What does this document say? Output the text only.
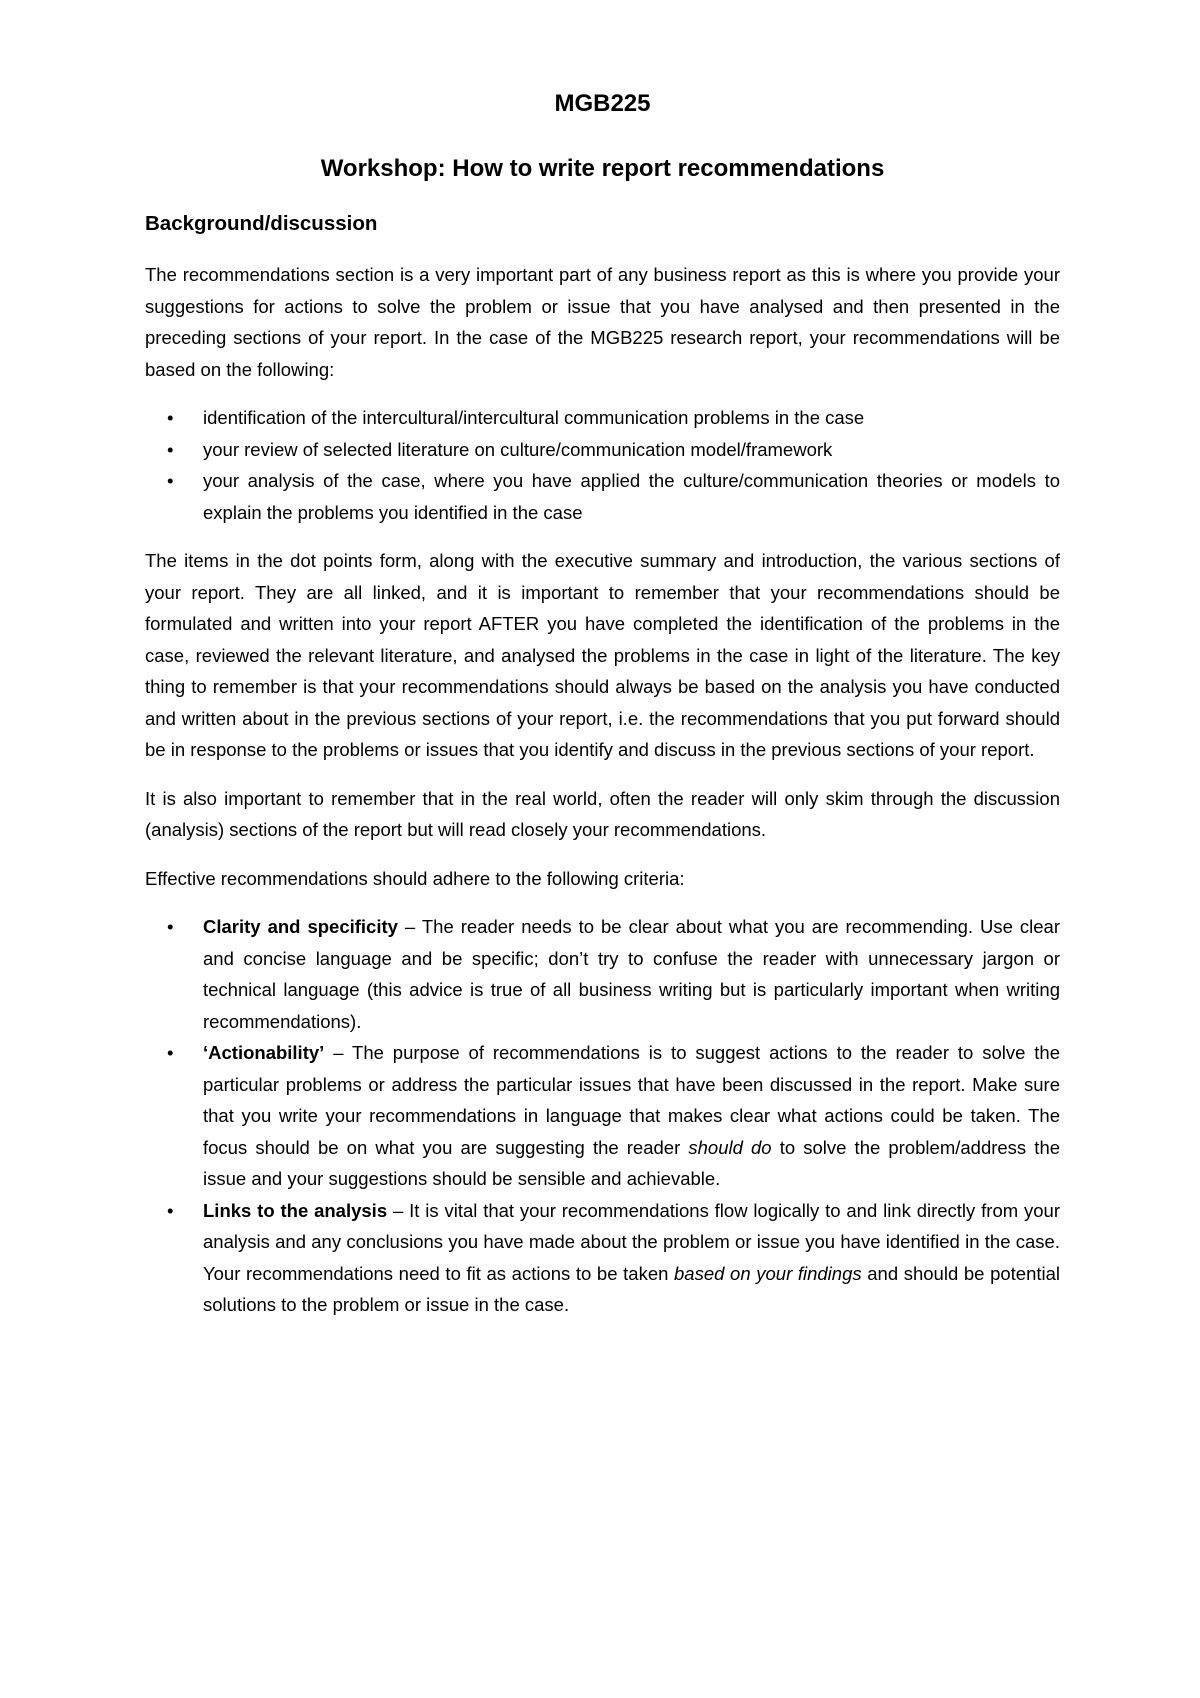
MGB225
Workshop: How to write report recommendations
Background/discussion

The recommendations section is a very important part of any business report as this is where you provide your suggestions for actions to solve the problem or issue that you have analysed and then presented in the preceding sections of your report. In the case of the MGB225 research report, your recommendations will be based on the following:

• identification of the intercultural/intercultural communication problems in the case
• your review of selected literature on culture/communication model/framework
• your analysis of the case, where you have applied the culture/communication theories or models to explain the problems you identified in the case

The items in the dot points form, along with the executive summary and introduction, the various sections of your report. They are all linked, and it is important to remember that your recommendations should be formulated and written into your report AFTER you have completed the identification of the problems in the case, reviewed the relevant literature, and analysed the problems in the case in light of the literature. The key thing to remember is that your recommendations should always be based on the analysis you have conducted and written about in the previous sections of your report, i.e. the recommendations that you put forward should be in response to the problems or issues that you identify and discuss in the previous sections of your report.

It is also important to remember that in the real world, often the reader will only skim through the discussion (analysis) sections of the report but will read closely your recommendations.

Effective recommendations should adhere to the following criteria:

• Clarity and specificity – The reader needs to be clear about what you are recommending. Use clear and concise language and be specific; don’t try to confuse the reader with unnecessary jargon or technical language (this advice is true of all business writing but is particularly important when writing recommendations).
• ‘Actionability’ – The purpose of recommendations is to suggest actions to the reader to solve the particular problems or address the particular issues that have been discussed in the report. Make sure that you write your recommendations in language that makes clear what actions could be taken. The focus should be on what you are suggesting the reader should do to solve the problem/address the issue and your suggestions should be sensible and achievable.
• Links to the analysis – It is vital that your recommendations flow logically to and link directly from your analysis and any conclusions you have made about the problem or issue you have identified in the case. Your recommendations need to fit as actions to be taken based on your findings and should be potential solutions to the problem or issue in the case.
